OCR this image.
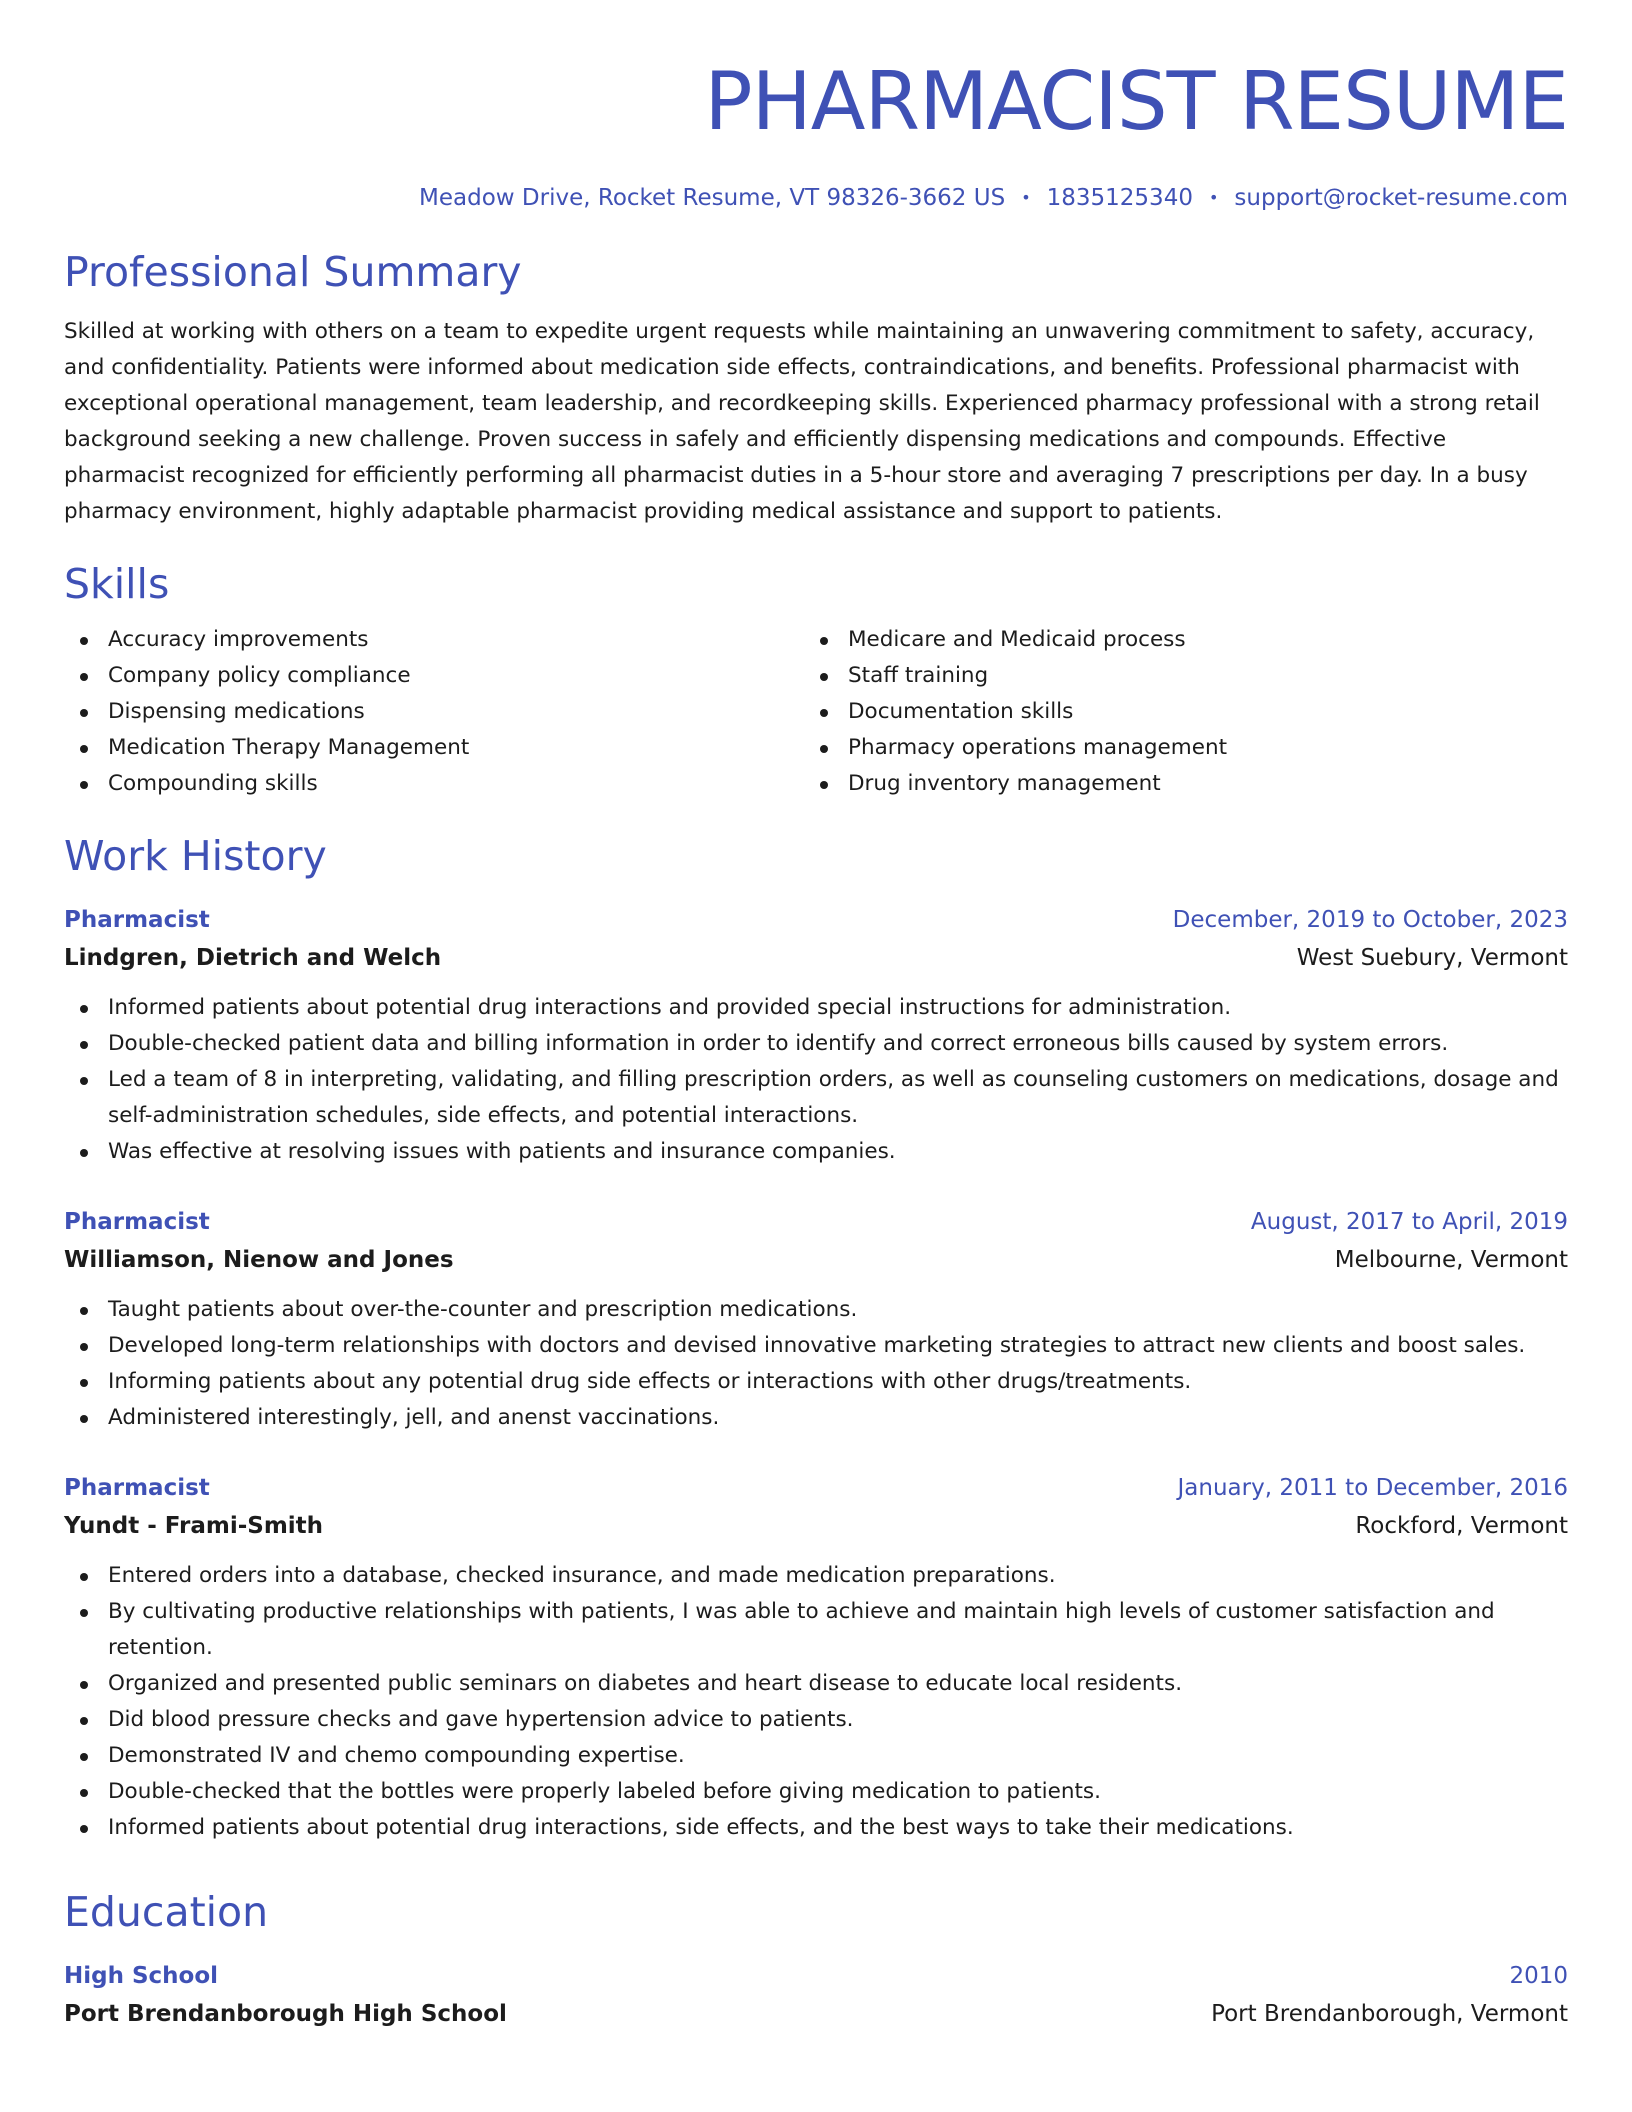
PHARMACIST RESUME
Meadow Drive, Rocket Resume, VT 98326-3662 US • 1835125340 • support@rocket-resume.com
Professional Summary

Skilled at working with others on a team to expedite urgent requests while maintaining an unwavering commitment to safety, accuracy, and confidentiality. Patients were informed about medication side effects, contraindications, and benefits. Professional pharmacist with exceptional operational management, team leadership, and recordkeeping skills. Experienced pharmacy professional with a strong retail background seeking a new challenge. Proven success in safely and efficiently dispensing medications and compounds. Effective pharmacist recognized for efficiently performing all pharmacist duties in a 5-hour store and averaging 7 prescriptions per day. In a busy pharmacy environment, highly adaptable pharmacist providing medical assistance and support to patients.

Skills
Accuracy improvements
Company policy compliance
Dispensing medications
Medication Therapy Management
Compounding skills
Medicare and Medicaid process
Staff training
Documentation skills
Pharmacy operations management
Drug inventory management
Work History
Pharmacist	December, 2019 to October, 2023
Lindgren, Dietrich and Welch	West Suebury, Vermont
Informed patients about potential drug interactions and provided special instructions for administration.
Double-checked patient data and billing information in order to identify and correct erroneous bills caused by system errors.
Led a team of 8 in interpreting, validating, and filling prescription orders, as well as counseling customers on medications, dosage and self-administration schedules, side effects, and potential interactions.
Was effective at resolving issues with patients and insurance companies.
Pharmacist	August, 2017 to April, 2019
Williamson, Nienow and Jones	Melbourne, Vermont
Taught patients about over-the-counter and prescription medications.
Developed long-term relationships with doctors and devised innovative marketing strategies to attract new clients and boost sales.
Informing patients about any potential drug side effects or interactions with other drugs/treatments.
Administered interestingly, jell, and anenst vaccinations.
Pharmacist	January, 2011 to December, 2016
Yundt - Frami-Smith	Rockford, Vermont
Entered orders into a database, checked insurance, and made medication preparations.
By cultivating productive relationships with patients, I was able to achieve and maintain high levels of customer satisfaction and retention.
Organized and presented public seminars on diabetes and heart disease to educate local residents.
Did blood pressure checks and gave hypertension advice to patients.
Demonstrated IV and chemo compounding expertise.
Double-checked that the bottles were properly labeled before giving medication to patients.
Informed patients about potential drug interactions, side effects, and the best ways to take their medications.
Education
High School	2010
Port Brendanborough High School	Port Brendanborough, Vermont
